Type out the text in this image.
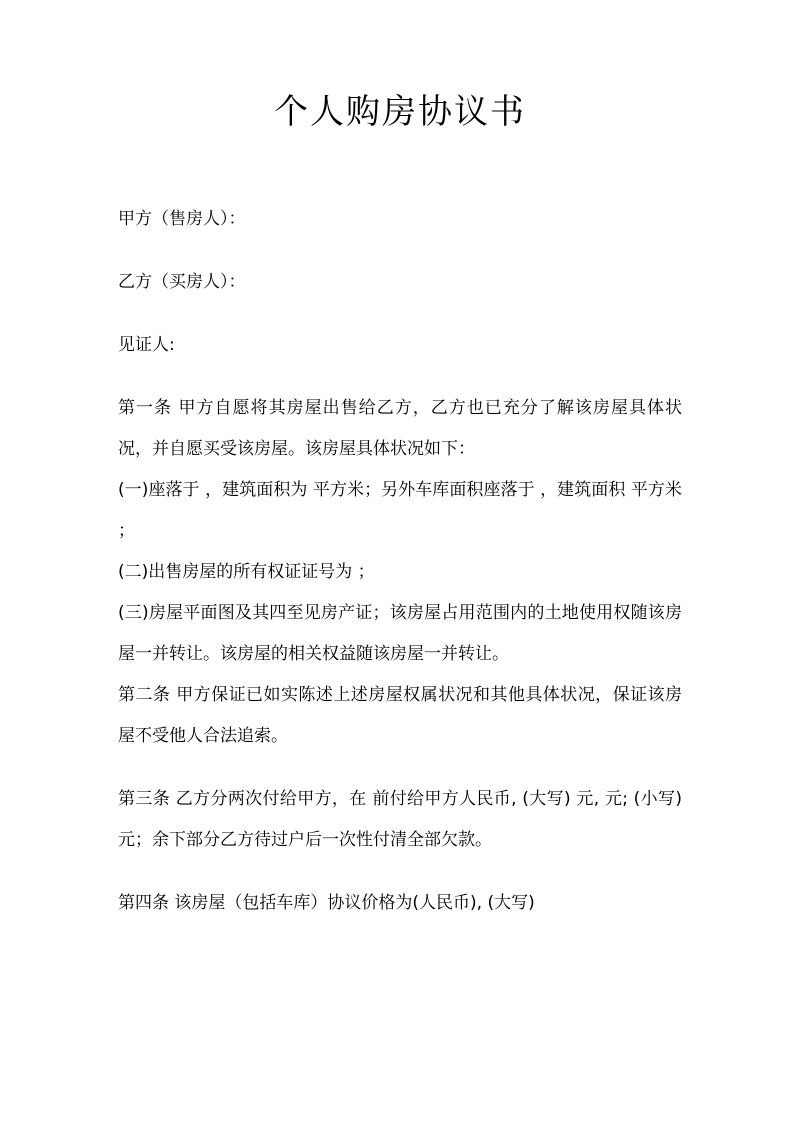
个人购房协议书

甲方（售房人）：

乙方（买房人）：

见证人:

第一条 甲方自愿将其房屋出售给乙方，乙方也已充分了解该房屋具体状况，并自愿买受该房屋。该房屋具体状况如下：

(一)座落于 ，建筑面积为 平方米；另外车库面积座落于 ，建筑面积 平方米 ；

(二)出售房屋的所有权证证号为 ；

(三)房屋平面图及其四至见房产证；该房屋占用范围内的土地使用权随该房屋一并转让。该房屋的相关权益随该房屋一并转让。

第二条 甲方保证已如实陈述上述房屋权属状况和其他具体状况，保证该房屋不受他人合法追索。

第三条 乙方分两次付给甲方，在 前付给甲方人民币, (大写) 元, 元; (小写) 元；余下部分乙方待过户后一次性付清全部欠款。

第四条 该房屋（包括车库）协议价格为(人民币), (大写)
